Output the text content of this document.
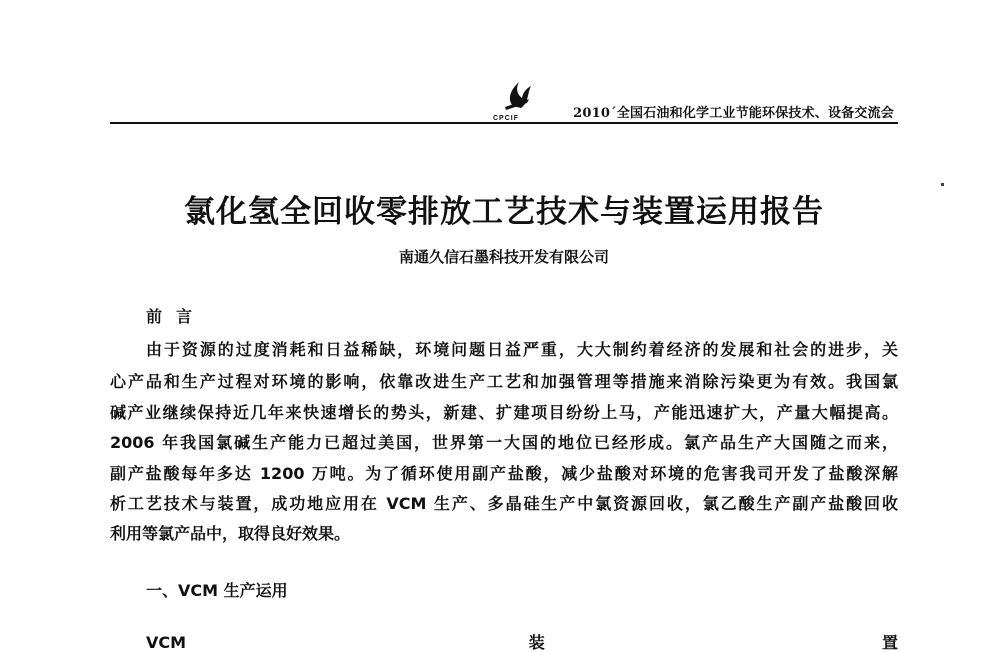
CPCIF	2010´全国石油和化学工业节能环保技术、设备交流会
氯化氢全回收零排放工艺技术与装置运用报告
南通久信石墨科技开发有限公司
前言
由于资源的过度消耗和日益稀缺，环境问题日益严重，大大制约着经济的发展和社会的进步，关
心产品和生产过程对环境的影响，依靠改进生产工艺和加强管理等措施来消除污染更为有效。我国氯
碱产业继续保持近几年来快速增长的势头，新建、扩建项目纷纷上马，产能迅速扩大，产量大幅提高。
2006 年我国氯碱生产能力已超过美国，世界第一大国的地位已经形成。氯产品生产大国随之而来，
副产盐酸每年多达 1200 万吨。为了循环使用副产盐酸，减少盐酸对环境的危害我司开发了盐酸深解
析工艺技术与装置，成功地应用在 VCM 生产、多晶硅生产中氯资源回收，氯乙酸生产副产盐酸回收
利用等氯产品中，取得良好效果。
一、VCM 生产运用
VCM 装置
